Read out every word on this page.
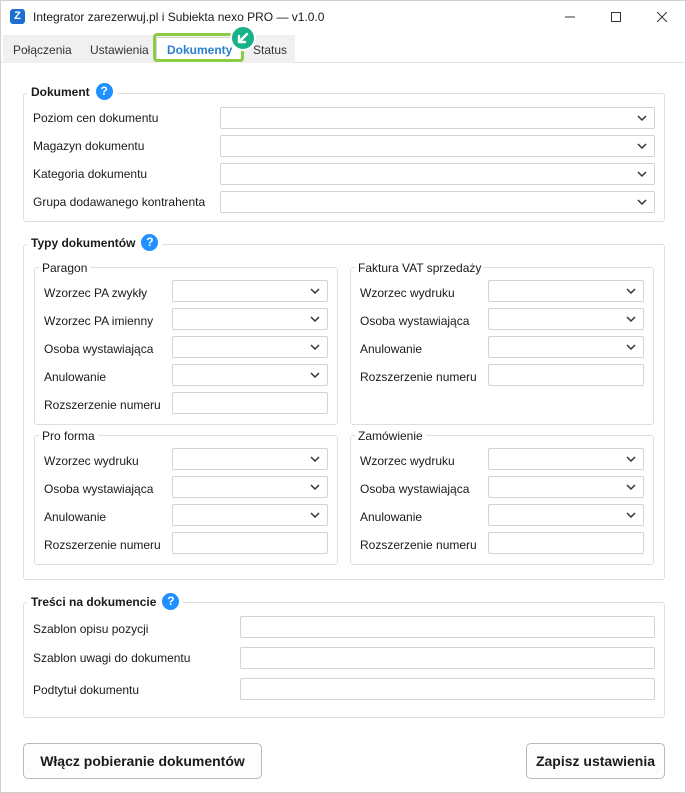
Z	Integrator zarezerwuj.pl i Subiekta nexo PRO — v1.0.0
Połączenia Ustawienia Dokumenty Status
Dokument ?
Poziom cen dokumentu
Magazyn dokumentu
Kategoria dokumentu
Grupa dodawanego kontrahenta
Typy dokumentów ?
Paragon
Wzorzec PA zwykły
Wzorzec PA imienny
Osoba wystawiająca
Anulowanie
Rozszerzenie numeru
Faktura VAT sprzedaży
Wzorzec wydruku
Osoba wystawiająca
Anulowanie
Rozszerzenie numeru
Pro forma
Wzorzec wydruku
Osoba wystawiająca
Anulowanie
Rozszerzenie numeru
Zamówienie
Wzorzec wydruku
Osoba wystawiająca
Anulowanie
Rozszerzenie numeru
Treści na dokumencie ?
Szablon opisu pozycji
Szablon uwagi do dokumentu
Podtytuł dokumentu
Włącz pobieranie dokumentów	Zapisz ustawienia
